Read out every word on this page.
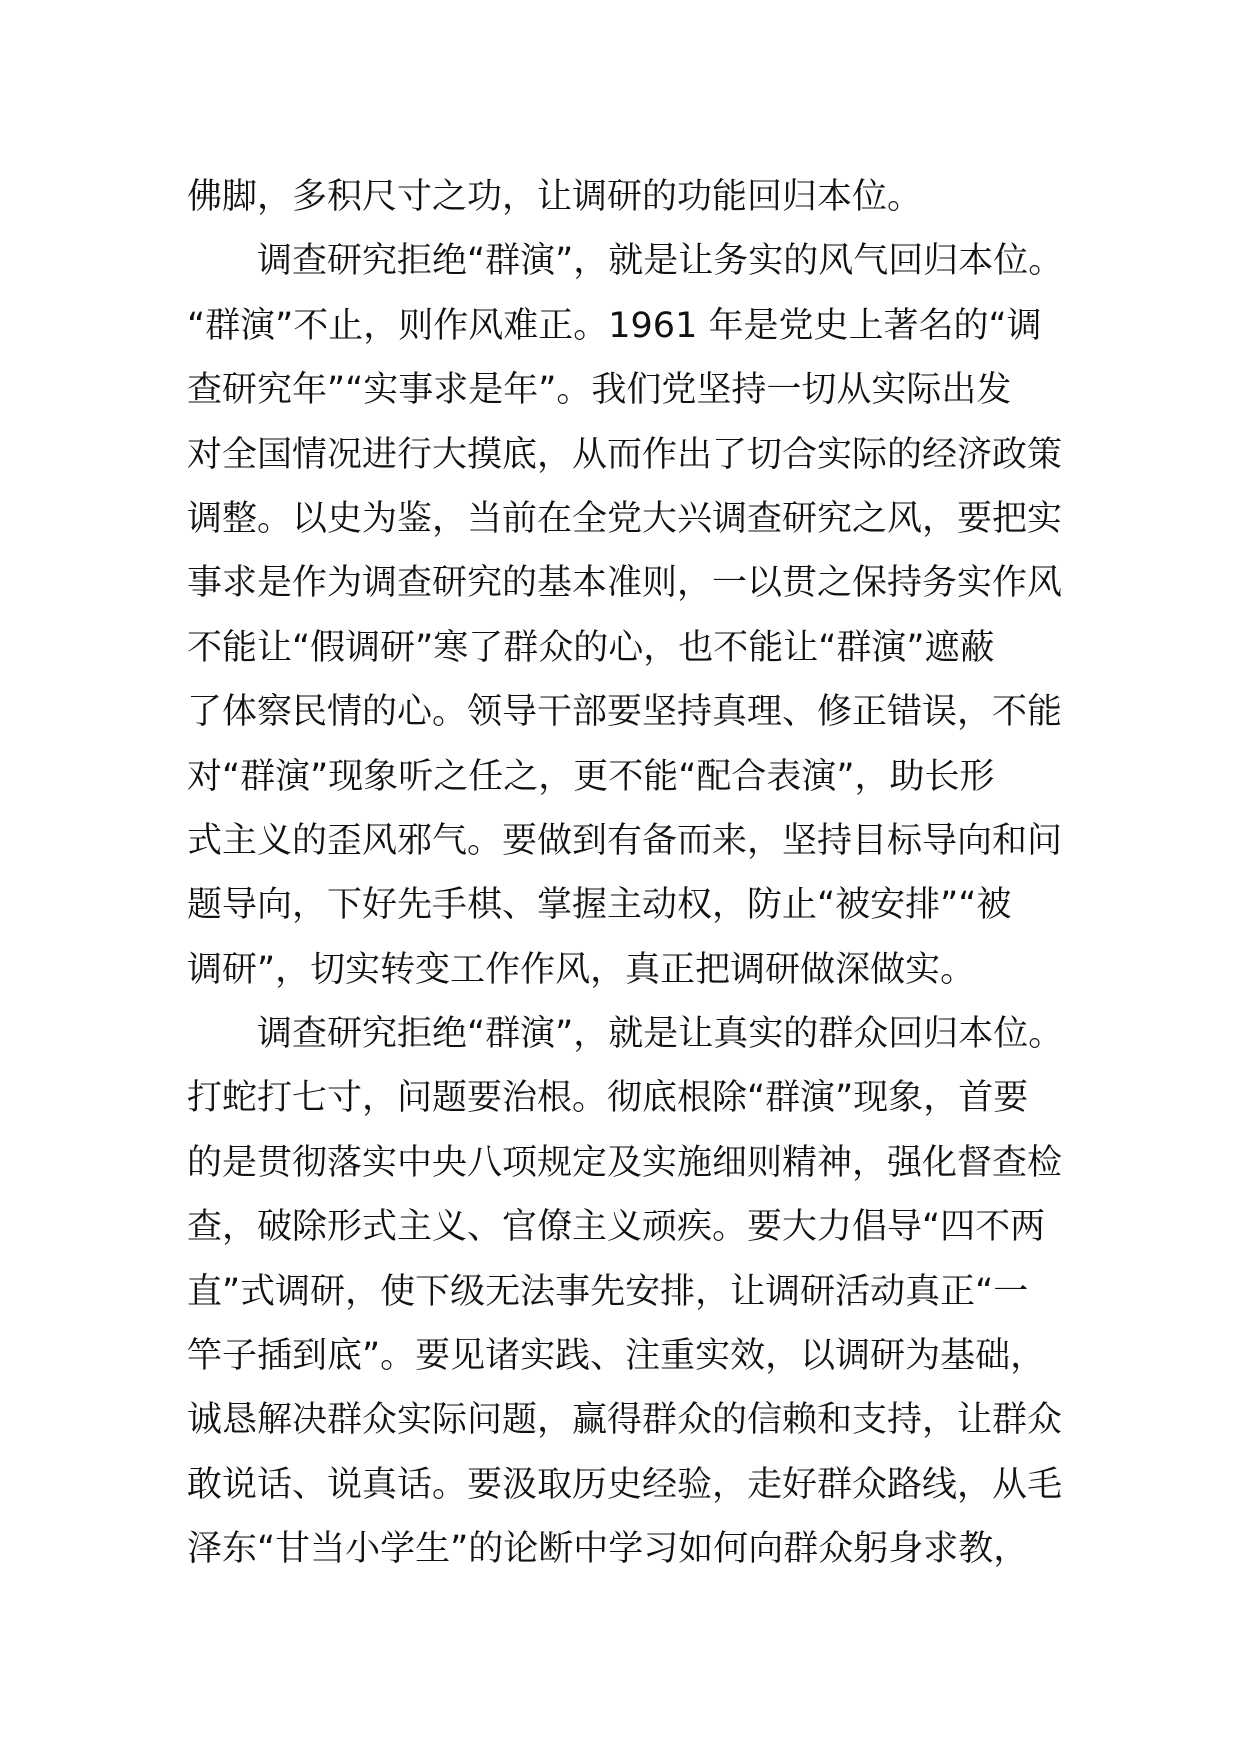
佛脚，多积尺寸之功，让调研的功能回归本位。
调查研究拒绝“群演”，就是让务实的风气回归本位。
“群演”不止，则作风难正。1961 年是党史上著名的“调
查研究年”“实事求是年”。我们党坚持一切从实际出发
对全国情况进行大摸底，从而作出了切合实际的经济政策
调整。以史为鉴，当前在全党大兴调查研究之风，要把实
事求是作为调查研究的基本准则，一以贯之保持务实作风
不能让“假调研”寒了群众的心，也不能让“群演”遮蔽
了体察民情的心。领导干部要坚持真理、修正错误，不能
对“群演”现象听之任之，更不能“配合表演”，助长形
式主义的歪风邪气。要做到有备而来，坚持目标导向和问
题导向，下好先手棋、掌握主动权，防止“被安排”“被
调研”，切实转变工作作风，真正把调研做深做实。
调查研究拒绝“群演”，就是让真实的群众回归本位。
打蛇打七寸，问题要治根。彻底根除“群演”现象，首要
的是贯彻落实中央八项规定及实施细则精神，强化督查检
查，破除形式主义、官僚主义顽疾。要大力倡导“四不两
直”式调研，使下级无法事先安排，让调研活动真正“一
竿子插到底”。要见诸实践、注重实效，以调研为基础，
诚恳解决群众实际问题，赢得群众的信赖和支持，让群众
敢说话、说真话。要汲取历史经验，走好群众路线，从毛
泽东“甘当小学生”的论断中学习如何向群众躬身求教，
